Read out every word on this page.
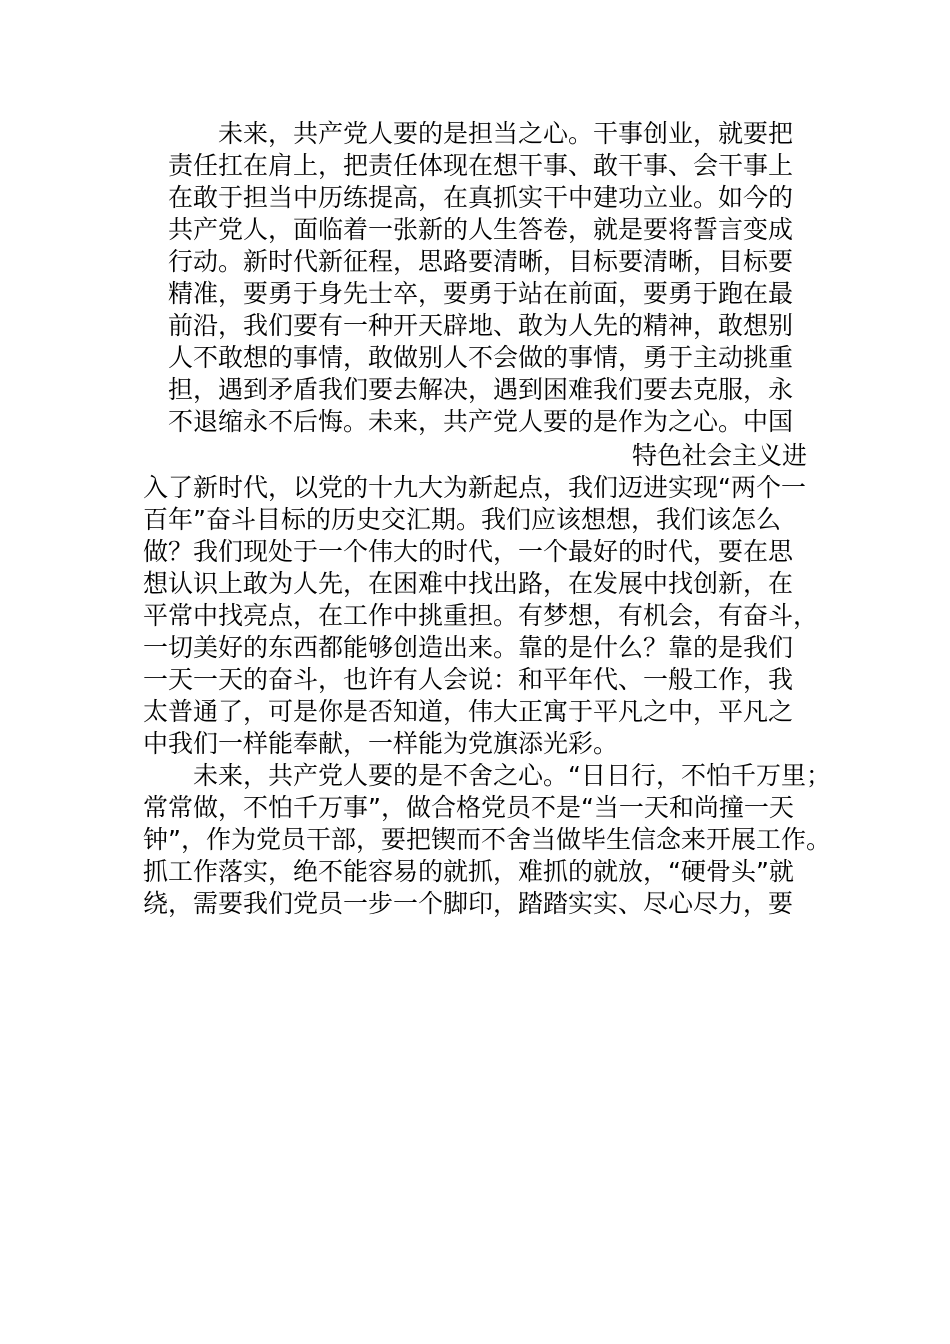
未来，共产党人要的是担当之心。干事创业，就要把
责任扛在肩上，把责任体现在想干事、敢干事、会干事上
在敢于担当中历练提高，在真抓实干中建功立业。如今的
共产党人，面临着一张新的人生答卷，就是要将誓言变成
行动。新时代新征程，思路要清晰，目标要清晰，目标要
精准，要勇于身先士卒，要勇于站在前面，要勇于跑在最
前沿，我们要有一种开天辟地、敢为人先的精神，敢想别
人不敢想的事情，敢做别人不会做的事情，勇于主动挑重
担，遇到矛盾我们要去解决，遇到困难我们要去克服，永
不退缩永不后悔。未来，共产党人要的是作为之心。中国
特色社会主义进
入了新时代，以党的十九大为新起点，我们迈进实现“两个一
百年”奋斗目标的历史交汇期。我们应该想想，我们该怎么
做？我们现处于一个伟大的时代，一个最好的时代，要在思
想认识上敢为人先，在困难中找出路，在发展中找创新，在
平常中找亮点，在工作中挑重担。有梦想，有机会，有奋斗，
一切美好的东西都能够创造出来。靠的是什么？靠的是我们
一天一天的奋斗，也许有人会说：和平年代、一般工作，我
太普通了，可是你是否知道，伟大正寓于平凡之中，平凡之
中我们一样能奉献，一样能为党旗添光彩。
未来，共产党人要的是不舍之心。“日日行，不怕千万里；
常常做，不怕千万事”，做合格党员不是“当一天和尚撞一天
钟”，作为党员干部，要把锲而不舍当做毕生信念来开展工作。
抓工作落实，绝不能容易的就抓，难抓的就放，“硬骨头”就
绕，需要我们党员一步一个脚印，踏踏实实、尽心尽力，要
